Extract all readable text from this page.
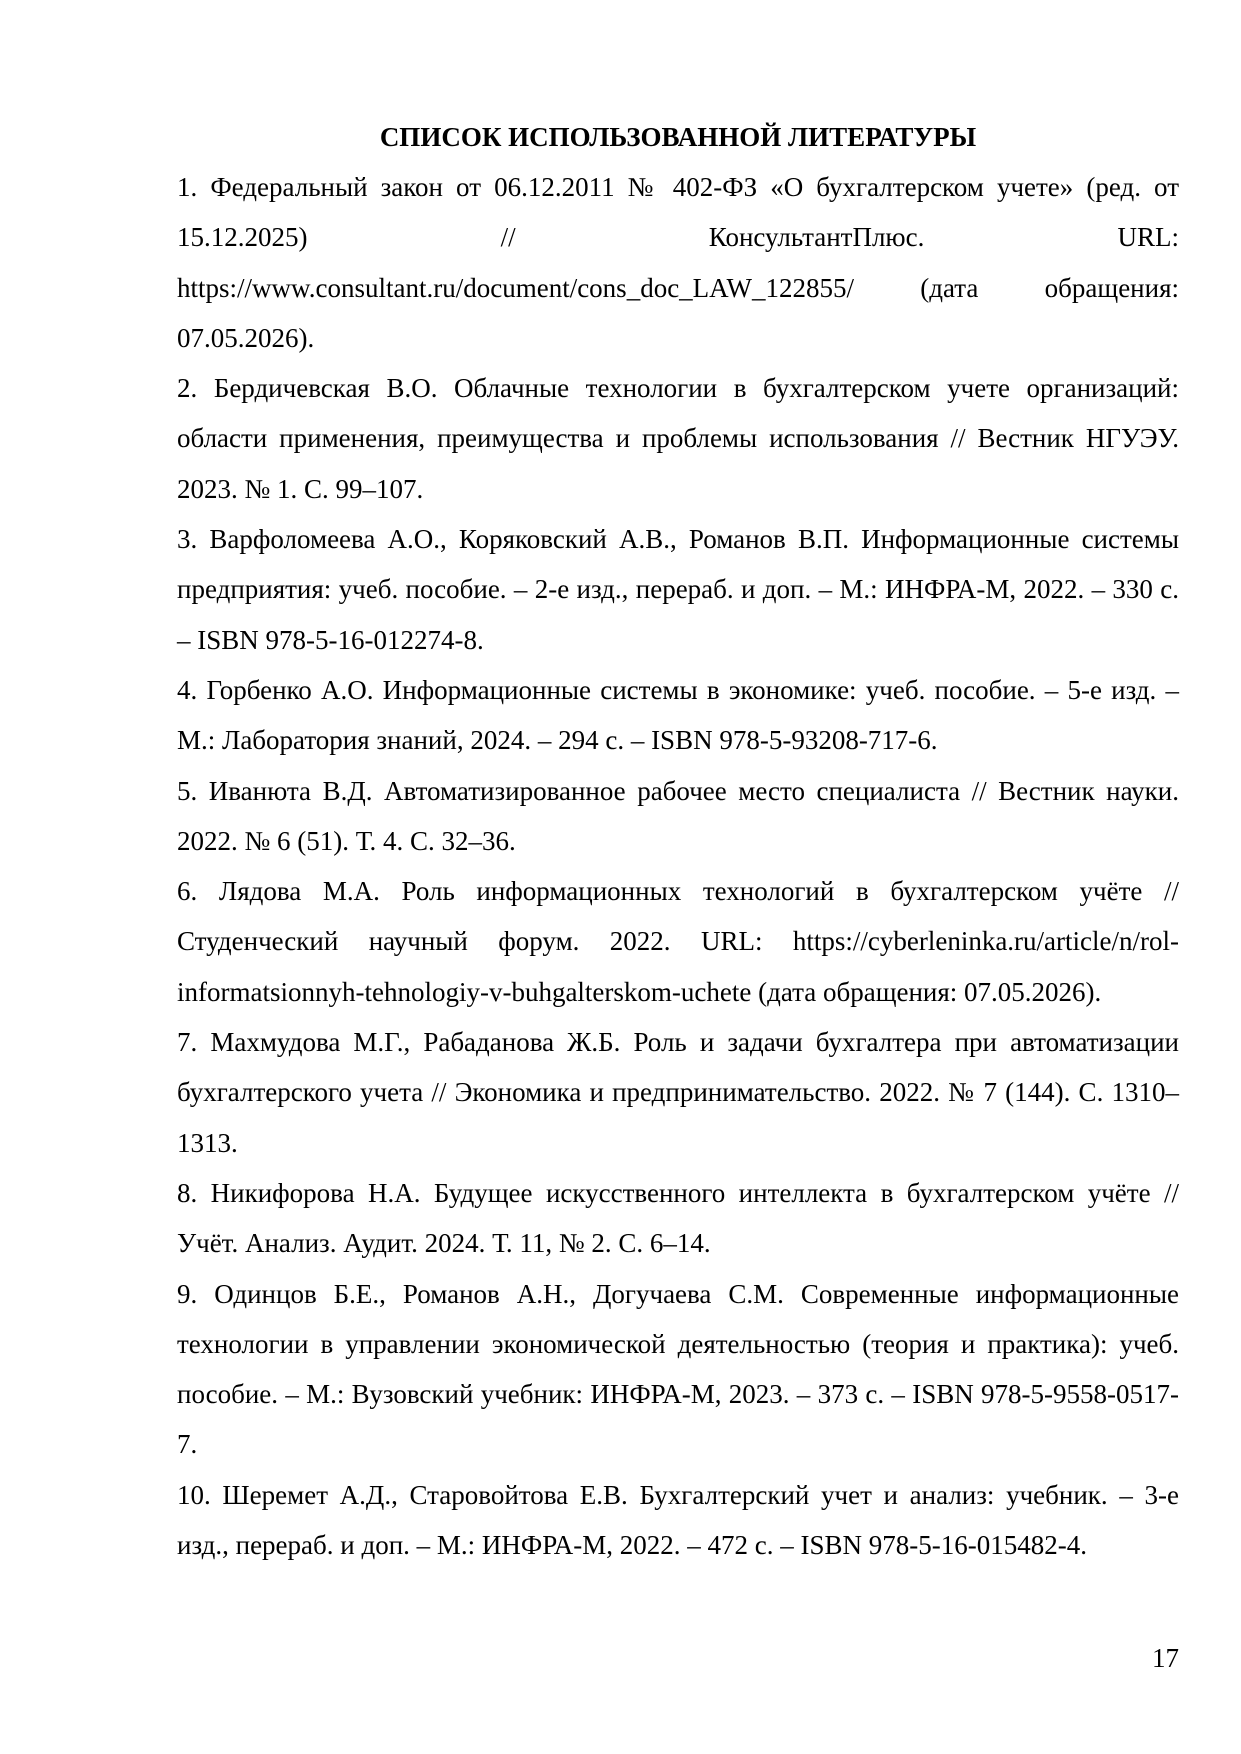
СПИСОК ИСПОЛЬЗОВАННОЙ ЛИТЕРАТУРЫ
1. Федеральный закон от 06.12.2011 № 402-ФЗ «О бухгалтерском учете» (ред. от 15.12.2025) // КонсультантПлюс. URL: https://www.consultant.ru/document/cons_doc_LAW_122855/ (дата обращения: 07.05.2026).
2. Бердичевская В.О. Облачные технологии в бухгалтерском учете организаций: области применения, преимущества и проблемы использования // Вестник НГУЭУ. 2023. № 1. С. 99–107.
3. Варфоломеева А.О., Коряковский А.В., Романов В.П. Информационные системы предприятия: учеб. пособие. – 2-е изд., перераб. и доп. – М.: ИНФРА-М, 2022. – 330 с. – ISBN 978-5-16-012274-8.
4. Горбенко А.О. Информационные системы в экономике: учеб. пособие. – 5-е изд. – М.: Лаборатория знаний, 2024. – 294 с. – ISBN 978-5-93208-717-6.
5. Иванюта В.Д. Автоматизированное рабочее место специалиста // Вестник науки. 2022. № 6 (51). Т. 4. С. 32–36.
6. Лядова М.А. Роль информационных технологий в бухгалтерском учёте // Студенческий научный форум. 2022. URL: https://cyberleninka.ru/article/n/rol-informatsionnyh-tehnologiy-v-buhgalterskom-uchete (дата обращения: 07.05.2026).
7. Махмудова М.Г., Рабаданова Ж.Б. Роль и задачи бухгалтера при автоматизации бухгалтерского учета // Экономика и предпринимательство. 2022. № 7 (144). С. 1310–1313.
8. Никифорова Н.А. Будущее искусственного интеллекта в бухгалтерском учёте // Учёт. Анализ. Аудит. 2024. Т. 11, № 2. С. 6–14.
9. Одинцов Б.Е., Романов А.Н., Догучаева С.М. Современные информационные технологии в управлении экономической деятельностью (теория и практика): учеб. пособие. – М.: Вузовский учебник: ИНФРА-М, 2023. – 373 с. – ISBN 978-5-9558-0517-7.
10. Шеремет А.Д., Старовойтова Е.В. Бухгалтерский учет и анализ: учебник. – 3-е изд., перераб. и доп. – М.: ИНФРА-М, 2022. – 472 с. – ISBN 978-5-16-015482-4.
17
